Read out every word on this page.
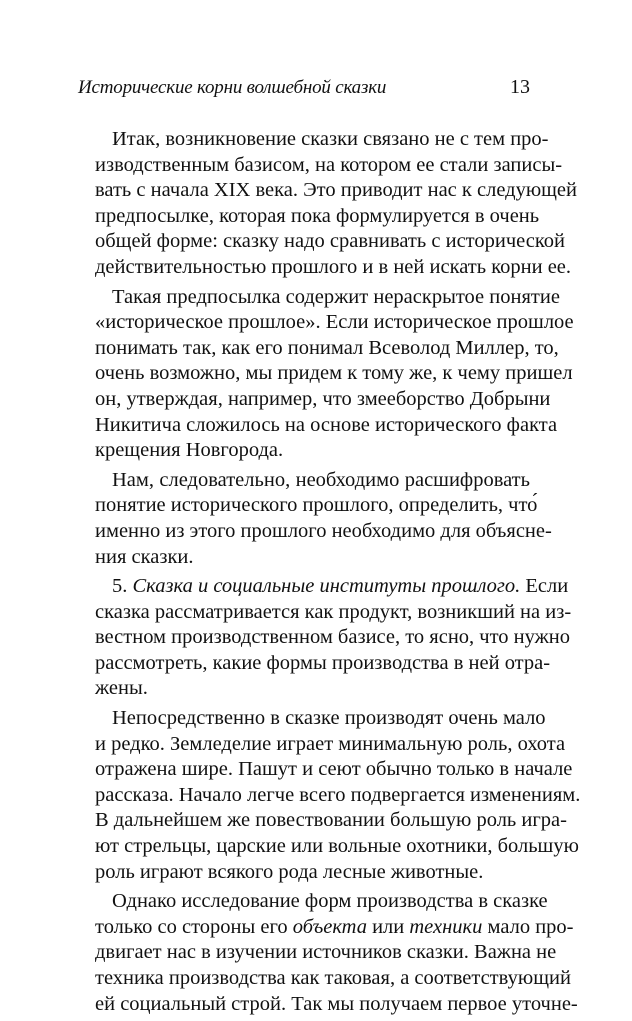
Исторические корни волшебной сказки	13
Итак, возникновение сказки связано не с тем про-
изводственным базисом, на котором ее стали записы-
вать с начала XIX века. Это приводит нас к следующей
предпосылке, которая пока формулируется в очень
общей форме: сказку надо сравнивать с исторической
действительностью прошлого и в ней искать корни ее.
Такая предпосылка содержит нераскрытое понятие
«историческое прошлое». Если историческое прошлое
понимать так, как его понимал Всеволод Миллер, то,
очень возможно, мы придем к тому же, к чему пришел
он, утверждая, например, что змееборство Добрыни
Никитича сложилось на основе исторического факта
крещения Новгорода.
Нам, следовательно, необходимо расшифровать
понятие исторического прошлого, определить, что́
именно из этого прошлого необходимо для объясне-
ния сказки.
5. Сказка и социальные институты прошлого. Если
сказка рассматривается как продукт, возникший на из-
вестном производственном базисе, то ясно, что нужно
рассмотреть, какие формы производства в ней отра-
жены.
Непосредственно в сказке производят очень мало
и редко. Земледелие играет минимальную роль, охота
отражена шире. Пашут и сеют обычно только в начале
рассказа. Начало легче всего подвергается изменениям.
В дальнейшем же повествовании большую роль игра-
ют стрельцы, царские или вольные охотники, большую
роль играют всякого рода лесные животные.
Однако исследование форм производства в сказке
только со стороны его объекта или техники мало про-
двигает нас в изучении источников сказки. Важна не
техника производства как таковая, а соответствующий
ей социальный строй. Так мы получаем первое уточне-
